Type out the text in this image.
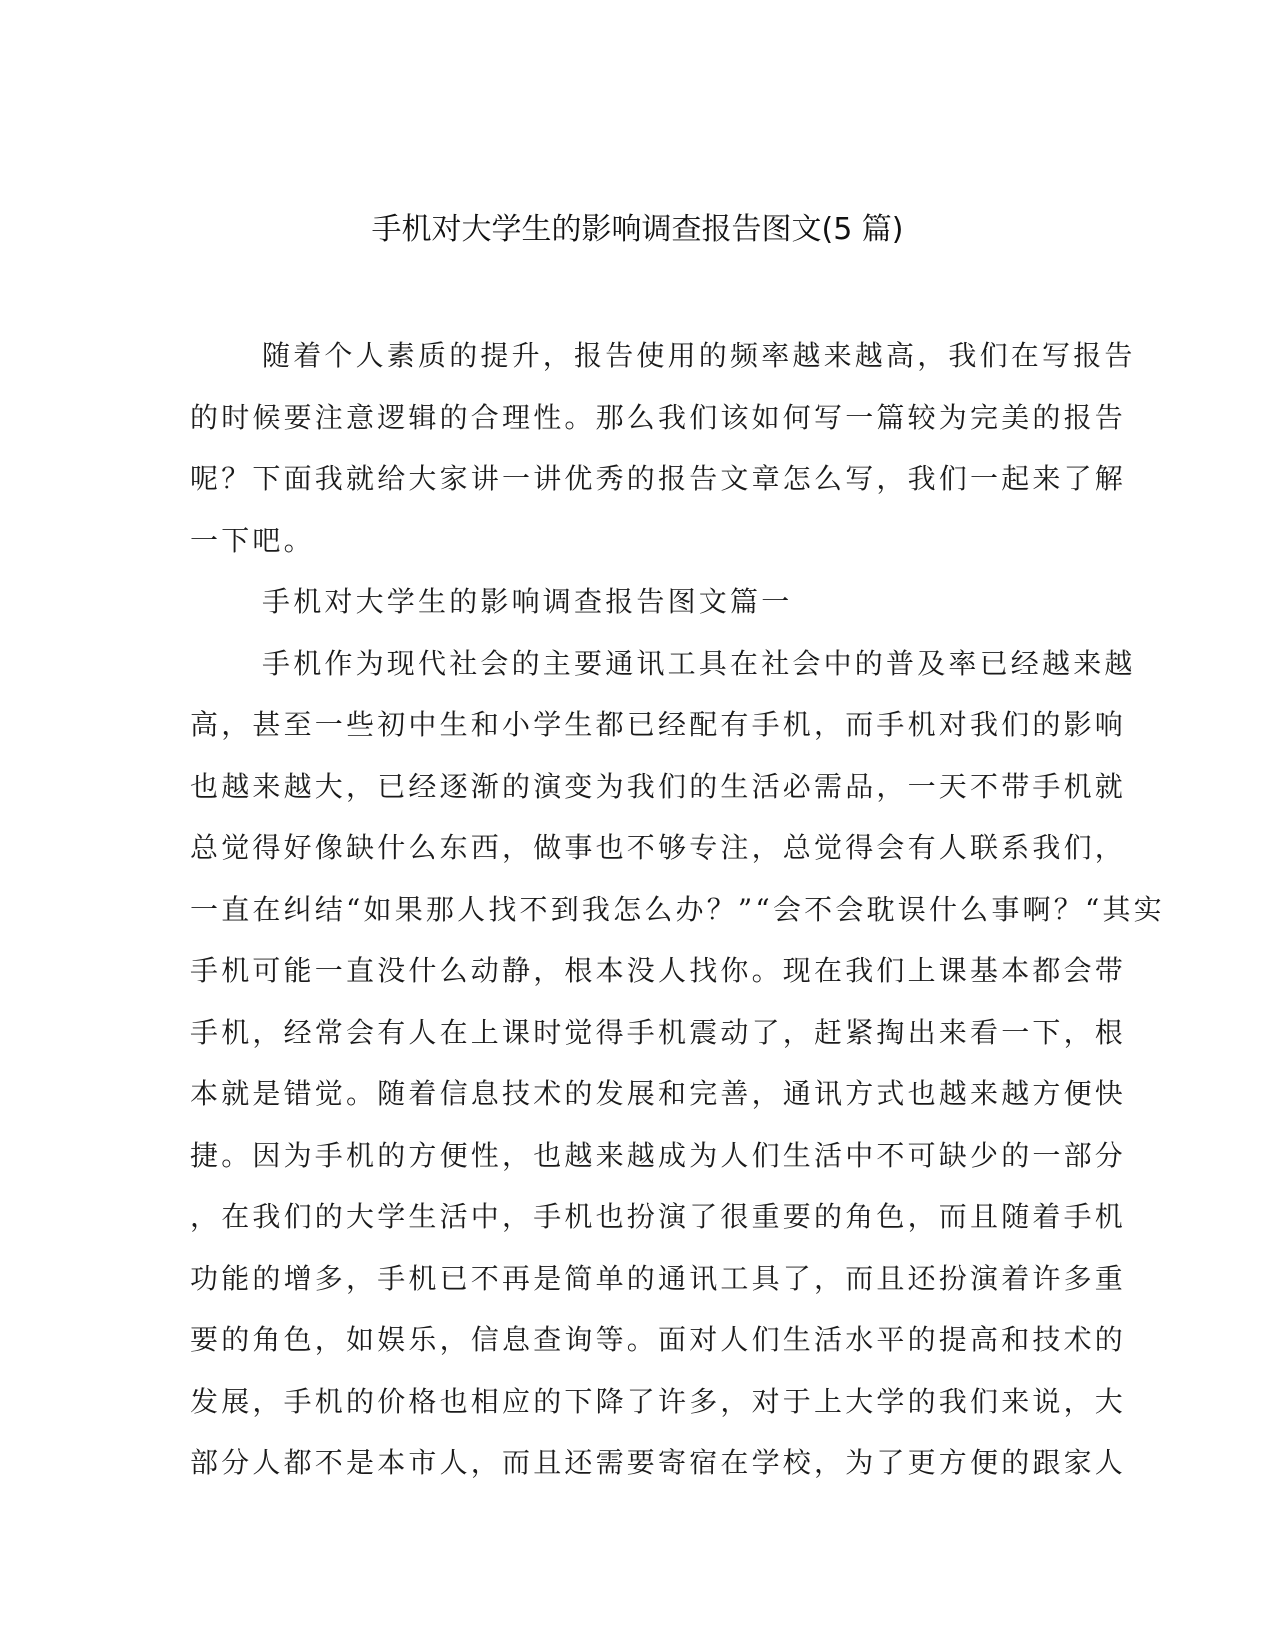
手机对大学生的影响调查报告图文(5 篇)
随着个人素质的提升，报告使用的频率越来越高，我们在写报告
的时候要注意逻辑的合理性。那么我们该如何写一篇较为完美的报告
呢？下面我就给大家讲一讲优秀的报告文章怎么写，我们一起来了解
一下吧。
手机对大学生的影响调查报告图文篇一
手机作为现代社会的主要通讯工具在社会中的普及率已经越来越
高，甚至一些初中生和小学生都已经配有手机，而手机对我们的影响
也越来越大，已经逐渐的演变为我们的生活必需品，一天不带手机就
总觉得好像缺什么东西，做事也不够专注，总觉得会有人联系我们，
一直在纠结“如果那人找不到我怎么办？”“会不会耽误什么事啊？“其实
手机可能一直没什么动静，根本没人找你。现在我们上课基本都会带
手机，经常会有人在上课时觉得手机震动了，赶紧掏出来看一下，根
本就是错觉。随着信息技术的发展和完善，通讯方式也越来越方便快
捷。因为手机的方便性，也越来越成为人们生活中不可缺少的一部分
，在我们的大学生活中，手机也扮演了很重要的角色，而且随着手机
功能的增多，手机已不再是简单的通讯工具了，而且还扮演着许多重
要的角色，如娱乐，信息查询等。面对人们生活水平的提高和技术的
发展，手机的价格也相应的下降了许多，对于上大学的我们来说，大
部分人都不是本市人，而且还需要寄宿在学校，为了更方便的跟家人
